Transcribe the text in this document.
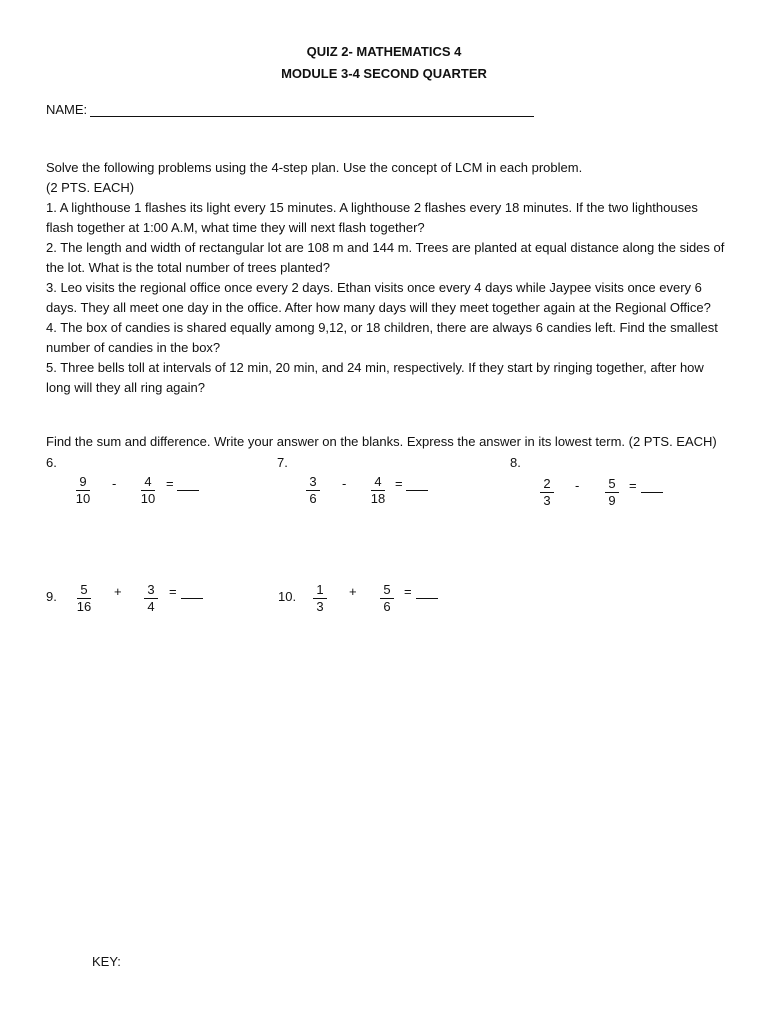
QUIZ 2- MATHEMATICS 4
MODULE 3-4 SECOND QUARTER
NAME:

Solve the following problems using the 4-step plan. Use the concept of LCM in each problem.

(2 PTS. EACH)

1. A lighthouse 1 flashes its light every 15 minutes. A lighthouse 2 flashes every 18 minutes. If the two lighthouses flash together at 1:00 A.M, what time they will next flash together?

2. The length and width of rectangular lot are 108 m and 144 m. Trees are planted at equal distance along the sides of the lot. What is the total number of trees planted?

3. Leo visits the regional office once every 2 days. Ethan visits once every 4 days while Jaypee visits once every 6 days. They all meet one day in the office. After how many days will they meet together again at the Regional Office?

4. The box of candies is shared equally among 9,12, or 18 children, there are always 6 candies left. Find the smallest number of candies in the box?

5. Three bells toll at intervals of 12 min, 20 min, and 24 min, respectively. If they start by ringing together, after how long will they all ring again?

Find the sum and difference. Write your answer on the blanks. Express the answer in its lowest term. (2 PTS. EACH)
6.
9
10
-	4
10
=
7.
3
6
-	4
18
=
8.
2
3
-	5
9
=
9.	5
16
+	3
4
=	10.	1
3
+	5
6
=
KEY:
